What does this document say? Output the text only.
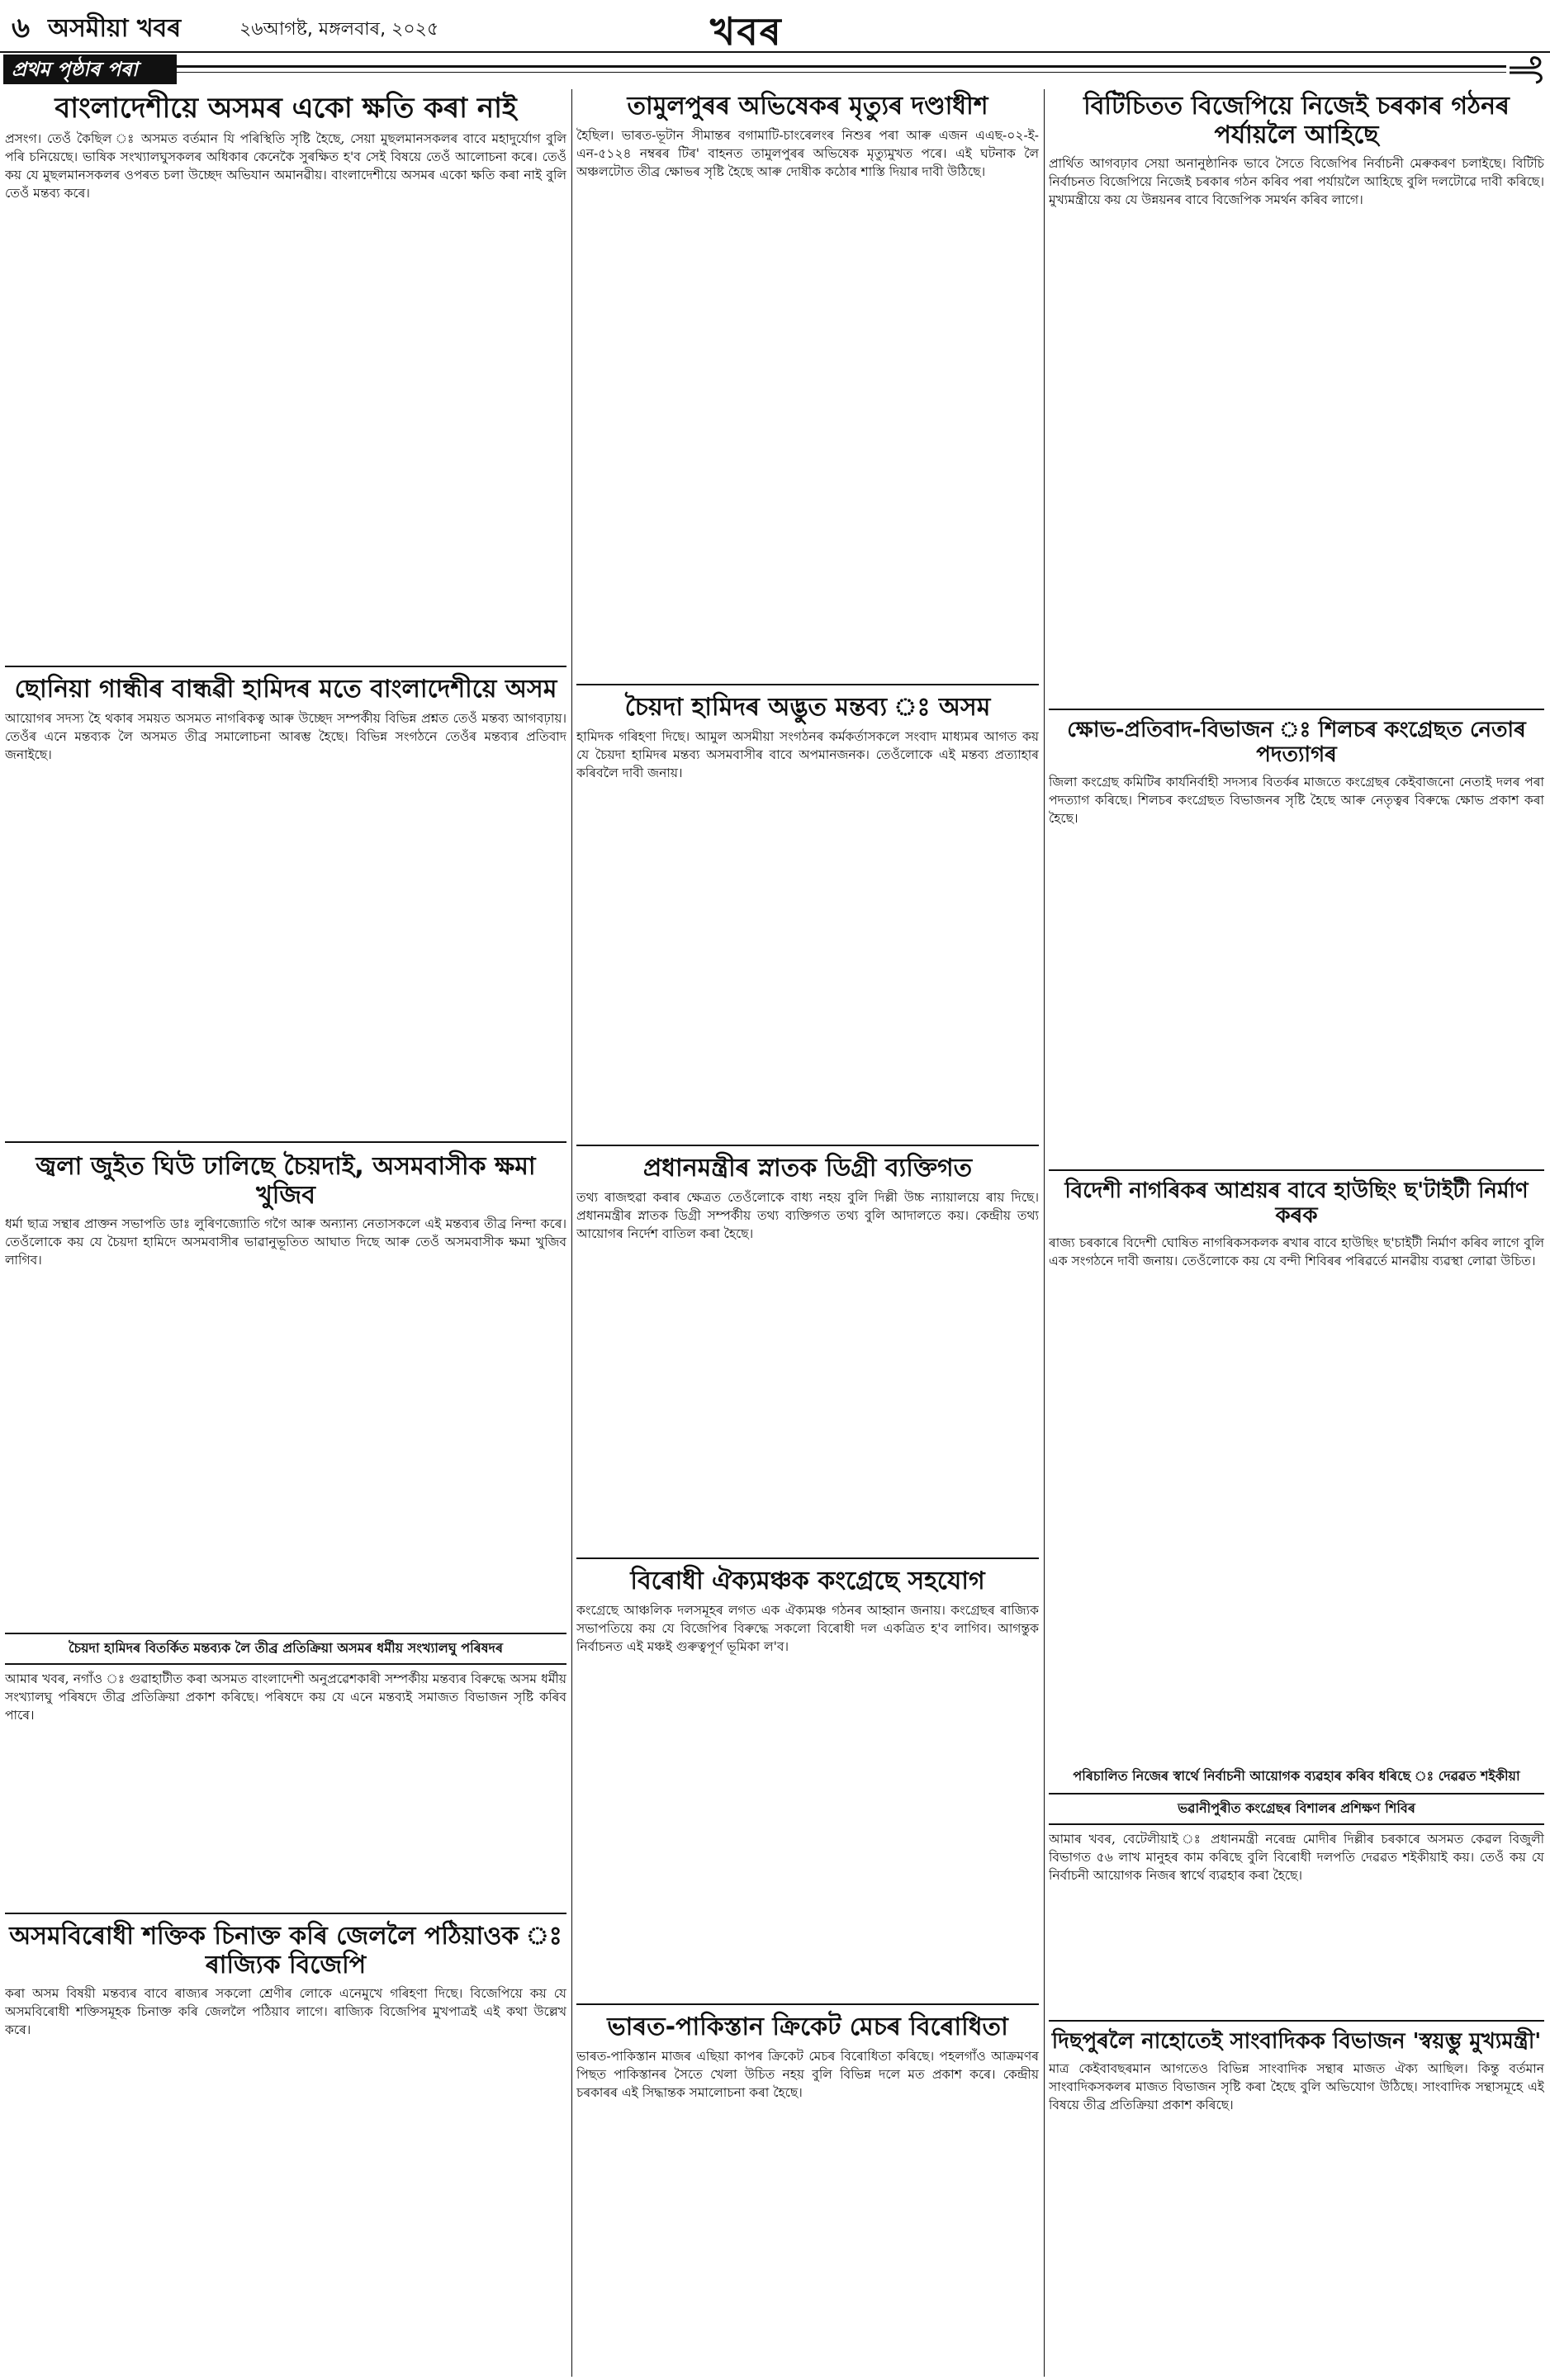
৬ অসমীয়া খবৰ	২৬আগষ্ট, মঙ্গলবাৰ, ২০২৫	খবৰ
প্ৰথম পৃষ্ঠাৰ পৰা
বাংলাদেশীয়ে অসমৰ একো ক্ষতি কৰা নাই

প্ৰসংগ। তেওঁ কৈছিল ঃ অসমত বৰ্তমান যি পৰিস্থিতি সৃষ্টি হৈছে, সেয়া মুছলমানসকলৰ বাবে মহাদুৰ্যোগ বুলি পৰি চনিয়েছে। ভাষিক সংখ্যালঘুসকলৰ অধিকাৰ কেনেকৈ সুৰক্ষিত হ'ব সেই বিষয়ে তেওঁ আলোচনা কৰে। তেওঁ কয় যে মুছলমানসকলৰ ওপৰত চলা উচ্ছেদ অভিযান অমানৱীয়। বাংলাদেশীয়ে অসমৰ একো ক্ষতি কৰা নাই বুলি তেওঁ মন্তব্য কৰে।

ছোনিয়া গান্ধীৰ বান্ধৱী হামিদৰ মতে বাংলাদেশীয়ে অসম

আয়োগৰ সদস্য হৈ থকাৰ সময়ত অসমত নাগৰিকত্ব আৰু উচ্ছেদ সম্পৰ্কীয় বিভিন্ন প্ৰশ্নত তেওঁ মন্তব্য আগবঢ়ায়। তেওঁৰ এনে মন্তব্যক লৈ অসমত তীব্ৰ সমালোচনা আৰম্ভ হৈছে। বিভিন্ন সংগঠনে তেওঁৰ মন্তব্যৰ প্ৰতিবাদ জনাইছে।

জ্বলা জুইত ঘিউ ঢালিছে চৈয়দাই, অসমবাসীক ক্ষমা খুজিব

ধৰ্মা ছাত্ৰ সন্থাৰ প্ৰাক্তন সভাপতি ডাঃ লুৰিণজ্যোতি গগৈ আৰু অন্যান্য নেতাসকলে এই মন্তব্যৰ তীব্ৰ নিন্দা কৰে। তেওঁলোকে কয় যে চৈয়দা হামিদে অসমবাসীৰ ভাৱানুভূতিত আঘাত দিছে আৰু তেওঁ অসমবাসীক ক্ষমা খুজিব লাগিব।

চৈয়দা হামিদৰ বিতৰ্কিত মন্তব্যক লৈ তীব্ৰ প্ৰতিক্ৰিয়া অসমৰ ধৰ্মীয় সংখ্যালঘু পৰিষদৰ

আমাৰ খবৰ, নগাঁও ঃ গুৱাহাটীত কৰা অসমত বাংলাদেশী অনুপ্ৰৱেশকাৰী সম্পৰ্কীয় মন্তব্যৰ বিৰুদ্ধে অসম ধৰ্মীয় সংখ্যালঘু পৰিষদে তীব্ৰ প্ৰতিক্ৰিয়া প্ৰকাশ কৰিছে। পৰিষদে কয় যে এনে মন্তব্যই সমাজত বিভাজন সৃষ্টি কৰিব পাৰে।

অসমবিৰোধী শক্তিক চিনাক্ত কৰি জেললৈ পঠিয়াওক ঃ ৰাজ্যিক বিজেপি

কৰা অসম বিষয়ী মন্তব্যৰ বাবে ৰাজ্যৰ সকলো শ্ৰেণীৰ লোকে এনেমুখে গৰিহণা দিছে। বিজেপিয়ে কয় যে অসমবিৰোধী শক্তিসমূহক চিনাক্ত কৰি জেললৈ পঠিয়াব লাগে। ৰাজ্যিক বিজেপিৰ মুখপাত্ৰই এই কথা উল্লেখ কৰে।

তামুলপুৰৰ অভিষেকৰ মৃত্যুৰ দণ্ডাধীশ

হৈছিল। ভাৰত-ভূটান সীমান্তৰ বগামাটি-চাংৰেলংৰ নিশুৰ পৰা আৰু এজন এএছ-০২-ই-এন-৫১২৪ নম্বৰৰ টিৰ' বাহনত তামুলপুৰৰ অভিষেক মৃত্যুমুখত পৰে। এই ঘটনাক লৈ অঞ্চলটোত তীব্ৰ ক্ষোভৰ সৃষ্টি হৈছে আৰু দোষীক কঠোৰ শাস্তি দিয়াৰ দাবী উঠিছে।

চৈয়দা হামিদৰ অদ্ভুত মন্তব্য ঃ অসম

হামিদক গৰিহণা দিছে। আমুল অসমীয়া সংগঠনৰ কৰ্মকৰ্তাসকলে সংবাদ মাধ্যমৰ আগত কয় যে চৈয়দা হামিদৰ মন্তব্য অসমবাসীৰ বাবে অপমানজনক। তেওঁলোকে এই মন্তব্য প্ৰত্যাহাৰ কৰিবলৈ দাবী জনায়।

প্ৰধানমন্ত্ৰীৰ স্নাতক ডিগ্ৰী ব্যক্তিগত

তথ্য ৰাজহুৱা কৰাৰ ক্ষেত্ৰত তেওঁলোকে বাধ্য নহয় বুলি দিল্লী উচ্চ ন্যায়ালয়ে ৰায় দিছে। প্ৰধানমন্ত্ৰীৰ স্নাতক ডিগ্ৰী সম্পৰ্কীয় তথ্য ব্যক্তিগত তথ্য বুলি আদালতে কয়। কেন্দ্ৰীয় তথ্য আয়োগৰ নিৰ্দেশ বাতিল কৰা হৈছে।

বিৰোধী ঐক্যমঞ্চক কংগ্ৰেছে সহযোগ

কংগ্ৰেছে আঞ্চলিক দলসমূহৰ লগত এক ঐক্যমঞ্চ গঠনৰ আহ্বান জনায়। কংগ্ৰেছৰ ৰাজ্যিক সভাপতিয়ে কয় যে বিজেপিৰ বিৰুদ্ধে সকলো বিৰোধী দল একত্ৰিত হ'ব লাগিব। আগন্তুক নিৰ্বাচনত এই মঞ্চই গুৰুত্বপূৰ্ণ ভূমিকা ল'ব।

ভাৰত-পাকিস্তান ক্ৰিকেট মেচৰ বিৰোধিতা

ভাৰত-পাকিস্তান মাজৰ এছিয়া কাপৰ ক্ৰিকেট মেচৰ বিৰোধিতা কৰিছে। পহলগাঁও আক্ৰমণৰ পিছত পাকিস্তানৰ সৈতে খেলা উচিত নহয় বুলি বিভিন্ন দলে মত প্ৰকাশ কৰে। কেন্দ্ৰীয় চৰকাৰৰ এই সিদ্ধান্তক সমালোচনা কৰা হৈছে।

বিটিচিতত বিজেপিয়ে নিজেই চৰকাৰ গঠনৰ পৰ্যায়লৈ আহিছে

প্ৰাৰ্থিত আগবঢ়াব সেয়া অনানুষ্ঠানিক ভাবে সৈতে বিজেপিৰ নিৰ্বাচনী মেৰুকৰণ চলাইছে। বিটিচি নিৰ্বাচনত বিজেপিয়ে নিজেই চৰকাৰ গঠন কৰিব পৰা পৰ্যায়লৈ আহিছে বুলি দলটোৱে দাবী কৰিছে। মুখ্যমন্ত্ৰীয়ে কয় যে উন্নয়নৰ বাবে বিজেপিক সমৰ্থন কৰিব লাগে।

ক্ষোভ-প্ৰতিবাদ-বিভাজন ঃ শিলচৰ কংগ্ৰেছত নেতাৰ পদত্যাগৰ

জিলা কংগ্ৰেছ কমিটিৰ কাৰ্যনিৰ্বাহী সদস্যৰ বিতৰ্কৰ মাজতে কংগ্ৰেছৰ কেইবাজনো নেতাই দলৰ পৰা পদত্যাগ কৰিছে। শিলচৰ কংগ্ৰেছত বিভাজনৰ সৃষ্টি হৈছে আৰু নেতৃত্বৰ বিৰুদ্ধে ক্ষোভ প্ৰকাশ কৰা হৈছে।

বিদেশী নাগৰিকৰ আশ্ৰয়ৰ বাবে হাউছিং ছ'টাইটী নিৰ্মাণ কৰক

ৰাজ্য চৰকাৰে বিদেশী ঘোষিত নাগৰিকসকলক ৰখাৰ বাবে হাউছিং ছ'চাইটী নিৰ্মাণ কৰিব লাগে বুলি এক সংগঠনে দাবী জনায়। তেওঁলোকে কয় যে বন্দী শিবিৰৰ পৰিৱৰ্তে মানৱীয় ব্যৱস্থা লোৱা উচিত।

পৰিচালিত নিজেৰ স্বাৰ্থে নিৰ্বাচনী আয়োগক ব্যৱহাৰ কৰিব ধৰিছে ঃ দেৱৱত শইকীয়া
ভৱানীপুৰীত কংগ্ৰেছৰ বিশালৰ প্ৰশিক্ষণ শিবিৰ

আমাৰ খবৰ, বেটেলীয়াই ঃ প্ৰধানমন্ত্ৰী নৰেন্দ্ৰ মোদীৰ দিল্লীৰ চৰকাৰে অসমত কেৱল বিজুলী বিভাগত ৫৬ লাখ মানুহৰ কাম কৰিছে বুলি বিৰোধী দলপতি দেৱৱত শইকীয়াই কয়। তেওঁ কয় যে নিৰ্বাচনী আয়োগক নিজৰ স্বাৰ্থে ব্যৱহাৰ কৰা হৈছে।

দিছপুৰলৈ নাহোতেই সাংবাদিকক বিভাজন 'স্বয়ম্ভু মুখ্যমন্ত্ৰী'

মাত্ৰ কেইবাবছৰমান আগতেও বিভিন্ন সাংবাদিক সন্থাৰ মাজত ঐক্য আছিল। কিন্তু বৰ্তমান সাংবাদিকসকলৰ মাজত বিভাজন সৃষ্টি কৰা হৈছে বুলি অভিযোগ উঠিছে। সাংবাদিক সন্থাসমূহে এই বিষয়ে তীব্ৰ প্ৰতিক্ৰিয়া প্ৰকাশ কৰিছে।
